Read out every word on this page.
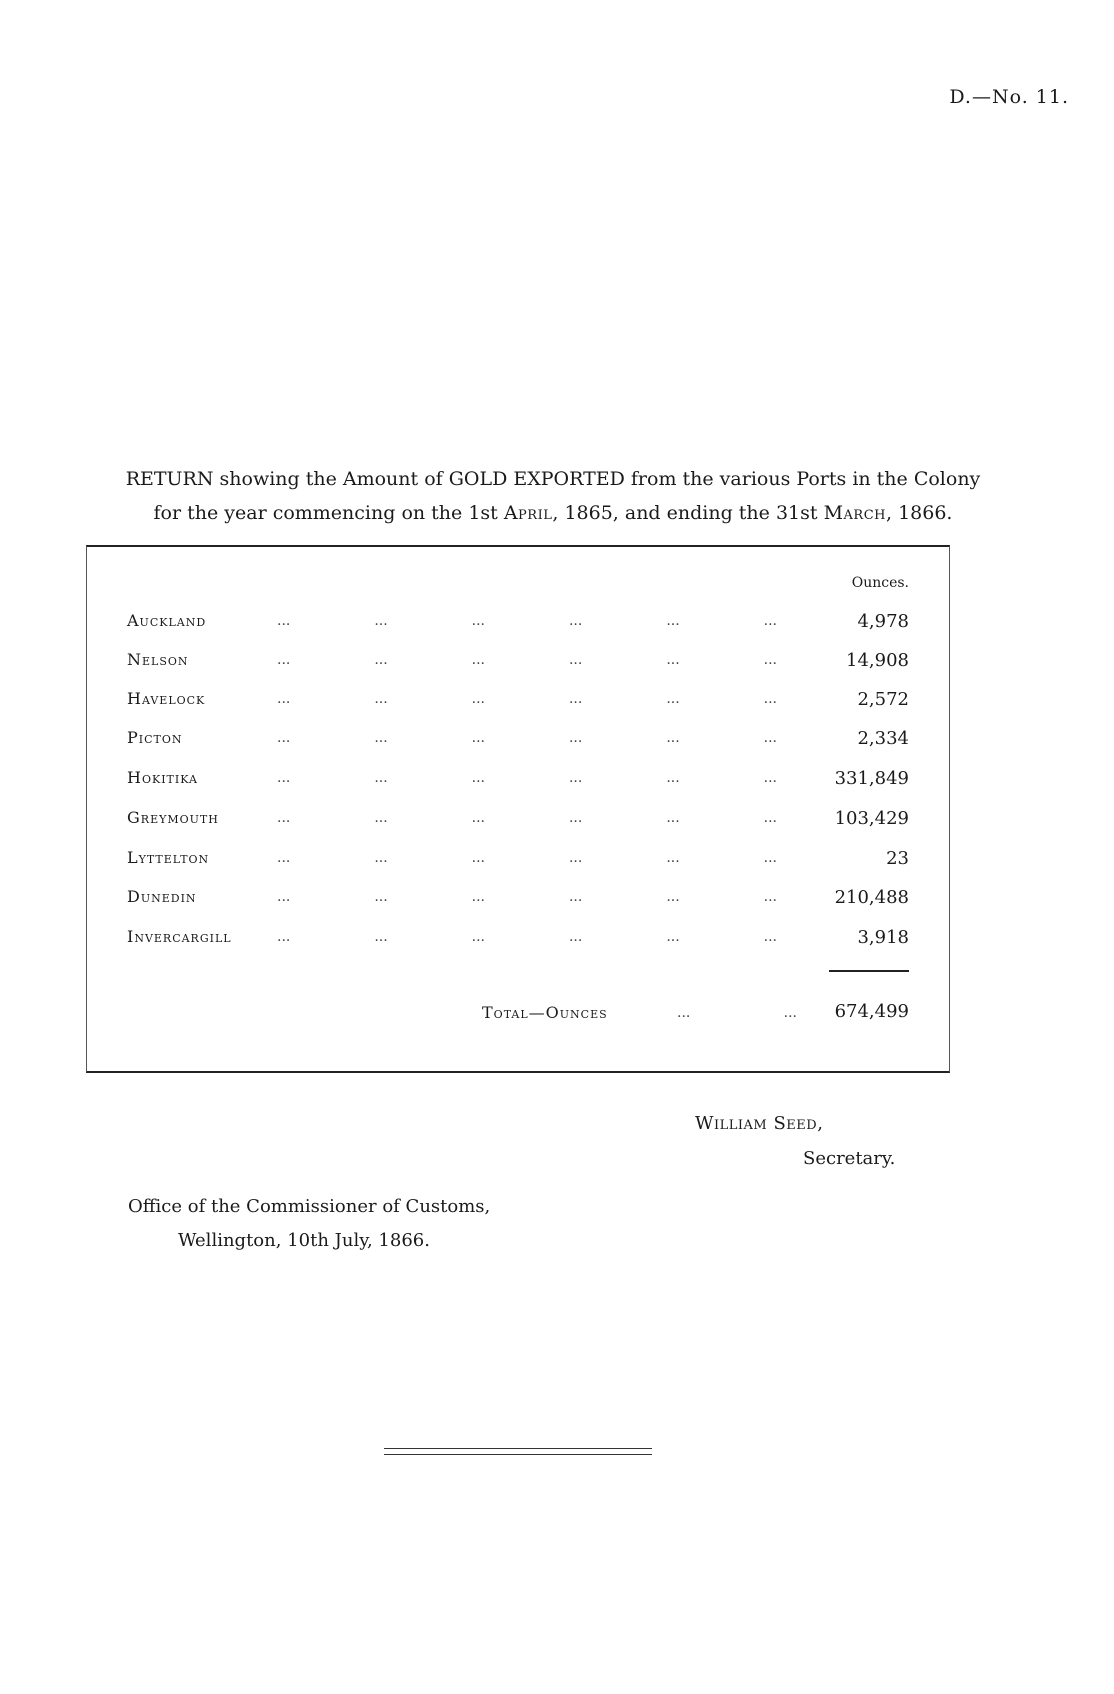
D.—No. 11.
RETURN showing the Amount of GOLD EXPORTED from the various Ports in the Colony
for the year commencing on the 1st April, 1865, and ending the 31st March, 1866.
Ounces.
Auckland	...	...	...	...	...	...	4,978
Nelson	...	...	...	...	...	...	14,908
Havelock	...	...	...	...	...	...	2,572
Picton	...	...	...	...	...	...	2,334
Hokitika	...	...	...	...	...	...	331,849
Greymouth	...	...	...	...	...	...	103,429
Lyttelton	...	...	...	...	...	...	23
Dunedin	...	...	...	...	...	...	210,488
Invercargill	...	...	...	...	...	...	3,918
Total—Ounces	...	... 674,499
William Seed,
Secretary.
Office of the Commissioner of Customs,
Wellington, 10th July, 1866.
